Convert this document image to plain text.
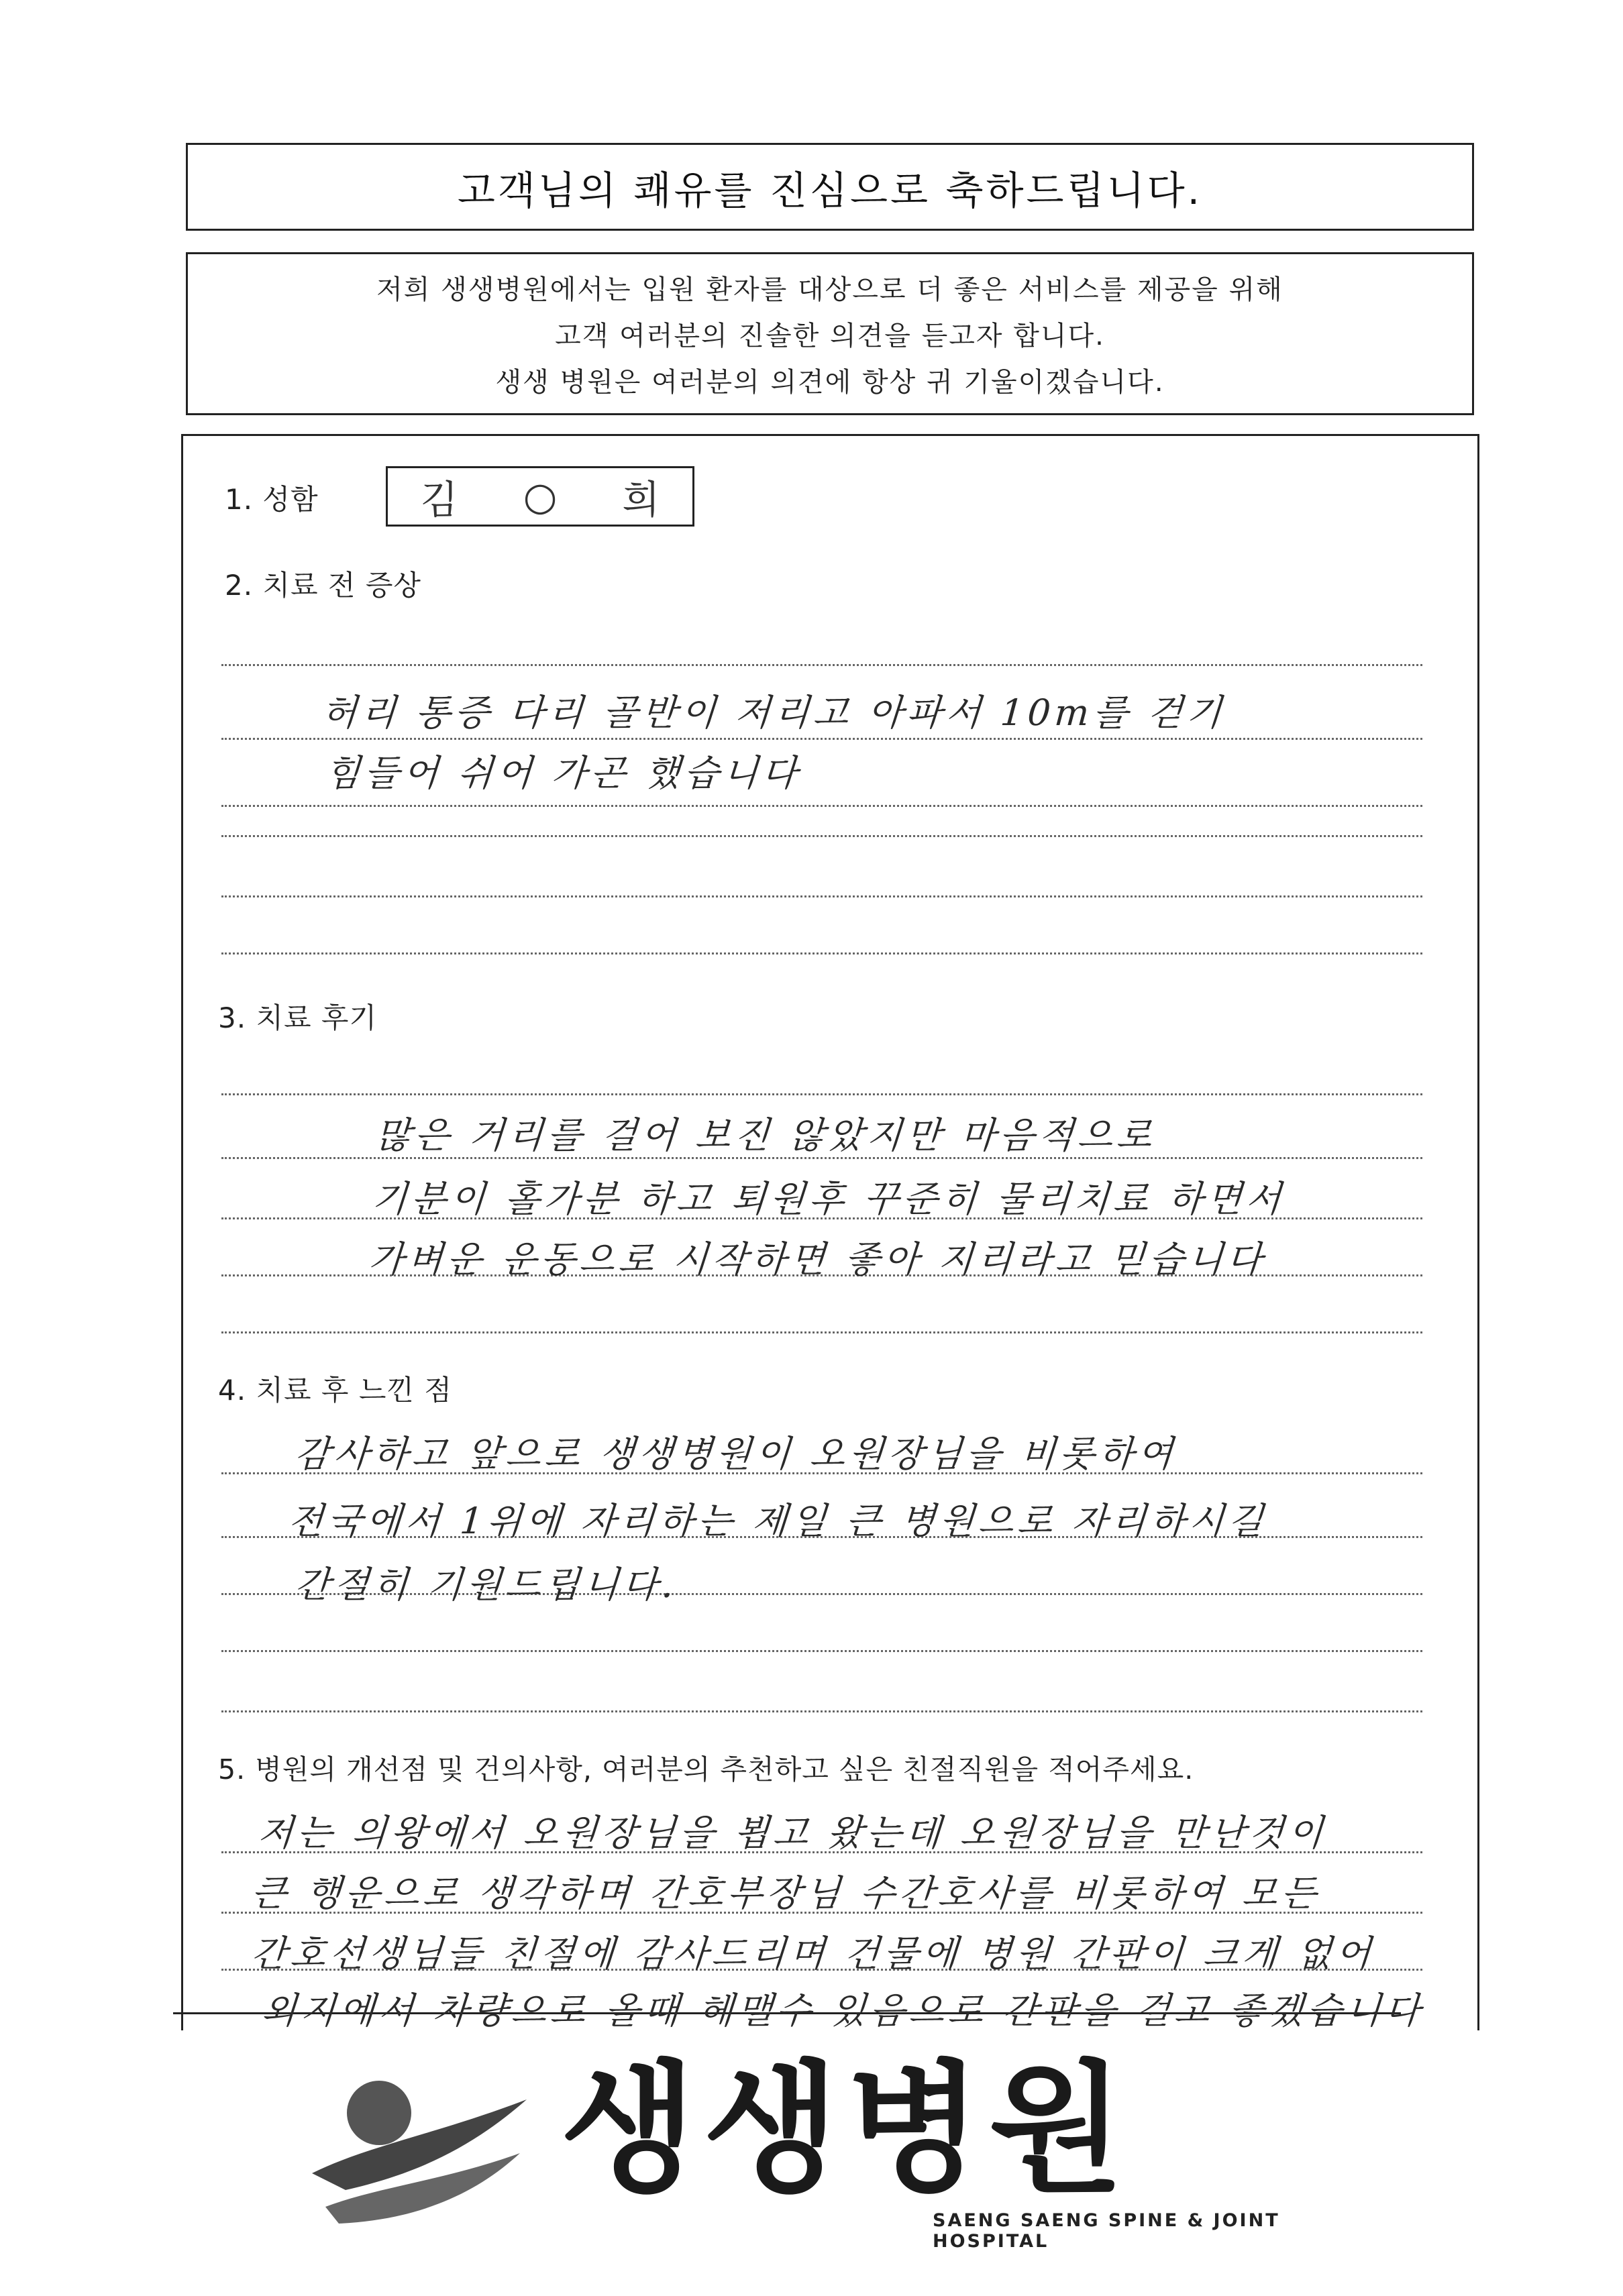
고객님의 쾌유를 진심으로 축하드립니다.
저희 생생병원에서는 입원 환자를 대상으로 더 좋은 서비스를 제공을 위해
고객 여러분의 진솔한 의견을 듣고자 합니다.
생생 병원은 여러분의 의견에 항상 귀 기울이겠습니다.
1. 성함	김 ○ 희
2. 치료 전 증상
허리 통증 다리 골반이 저리고 아파서 10m를 걷기
힘들어 쉬어 가곤 했습니다
3. 치료 후기
많은 거리를 걸어 보진 않았지만 마음적으로
기분이 홀가분 하고 퇴원후 꾸준히 물리치료 하면서
가벼운 운동으로 시작하면 좋아 지리라고 믿습니다
4. 치료 후 느낀 점
감사하고 앞으로 생생병원이 오원장님을 비롯하여
전국에서 1위에 자리하는 제일 큰 병원으로 자리하시길
간절히 기원드립니다.
5. 병원의 개선점 및 건의사항, 여러분의 추천하고 싶은 친절직원을 적어주세요.
저는 의왕에서 오원장님을 뵙고 왔는데 오원장님을 만난것이
큰 행운으로 생각하며 간호부장님 수간호사를 비롯하여 모든
간호선생님들 친절에 감사드리며 건물에 병원 간판이 크게 없어
외지에서 차량으로 올때 헤맬수 있음으로 간판을 걸고 좋겠습니다
생생병원
SAENG SAENG SPINE & JOINT HOSPITAL
